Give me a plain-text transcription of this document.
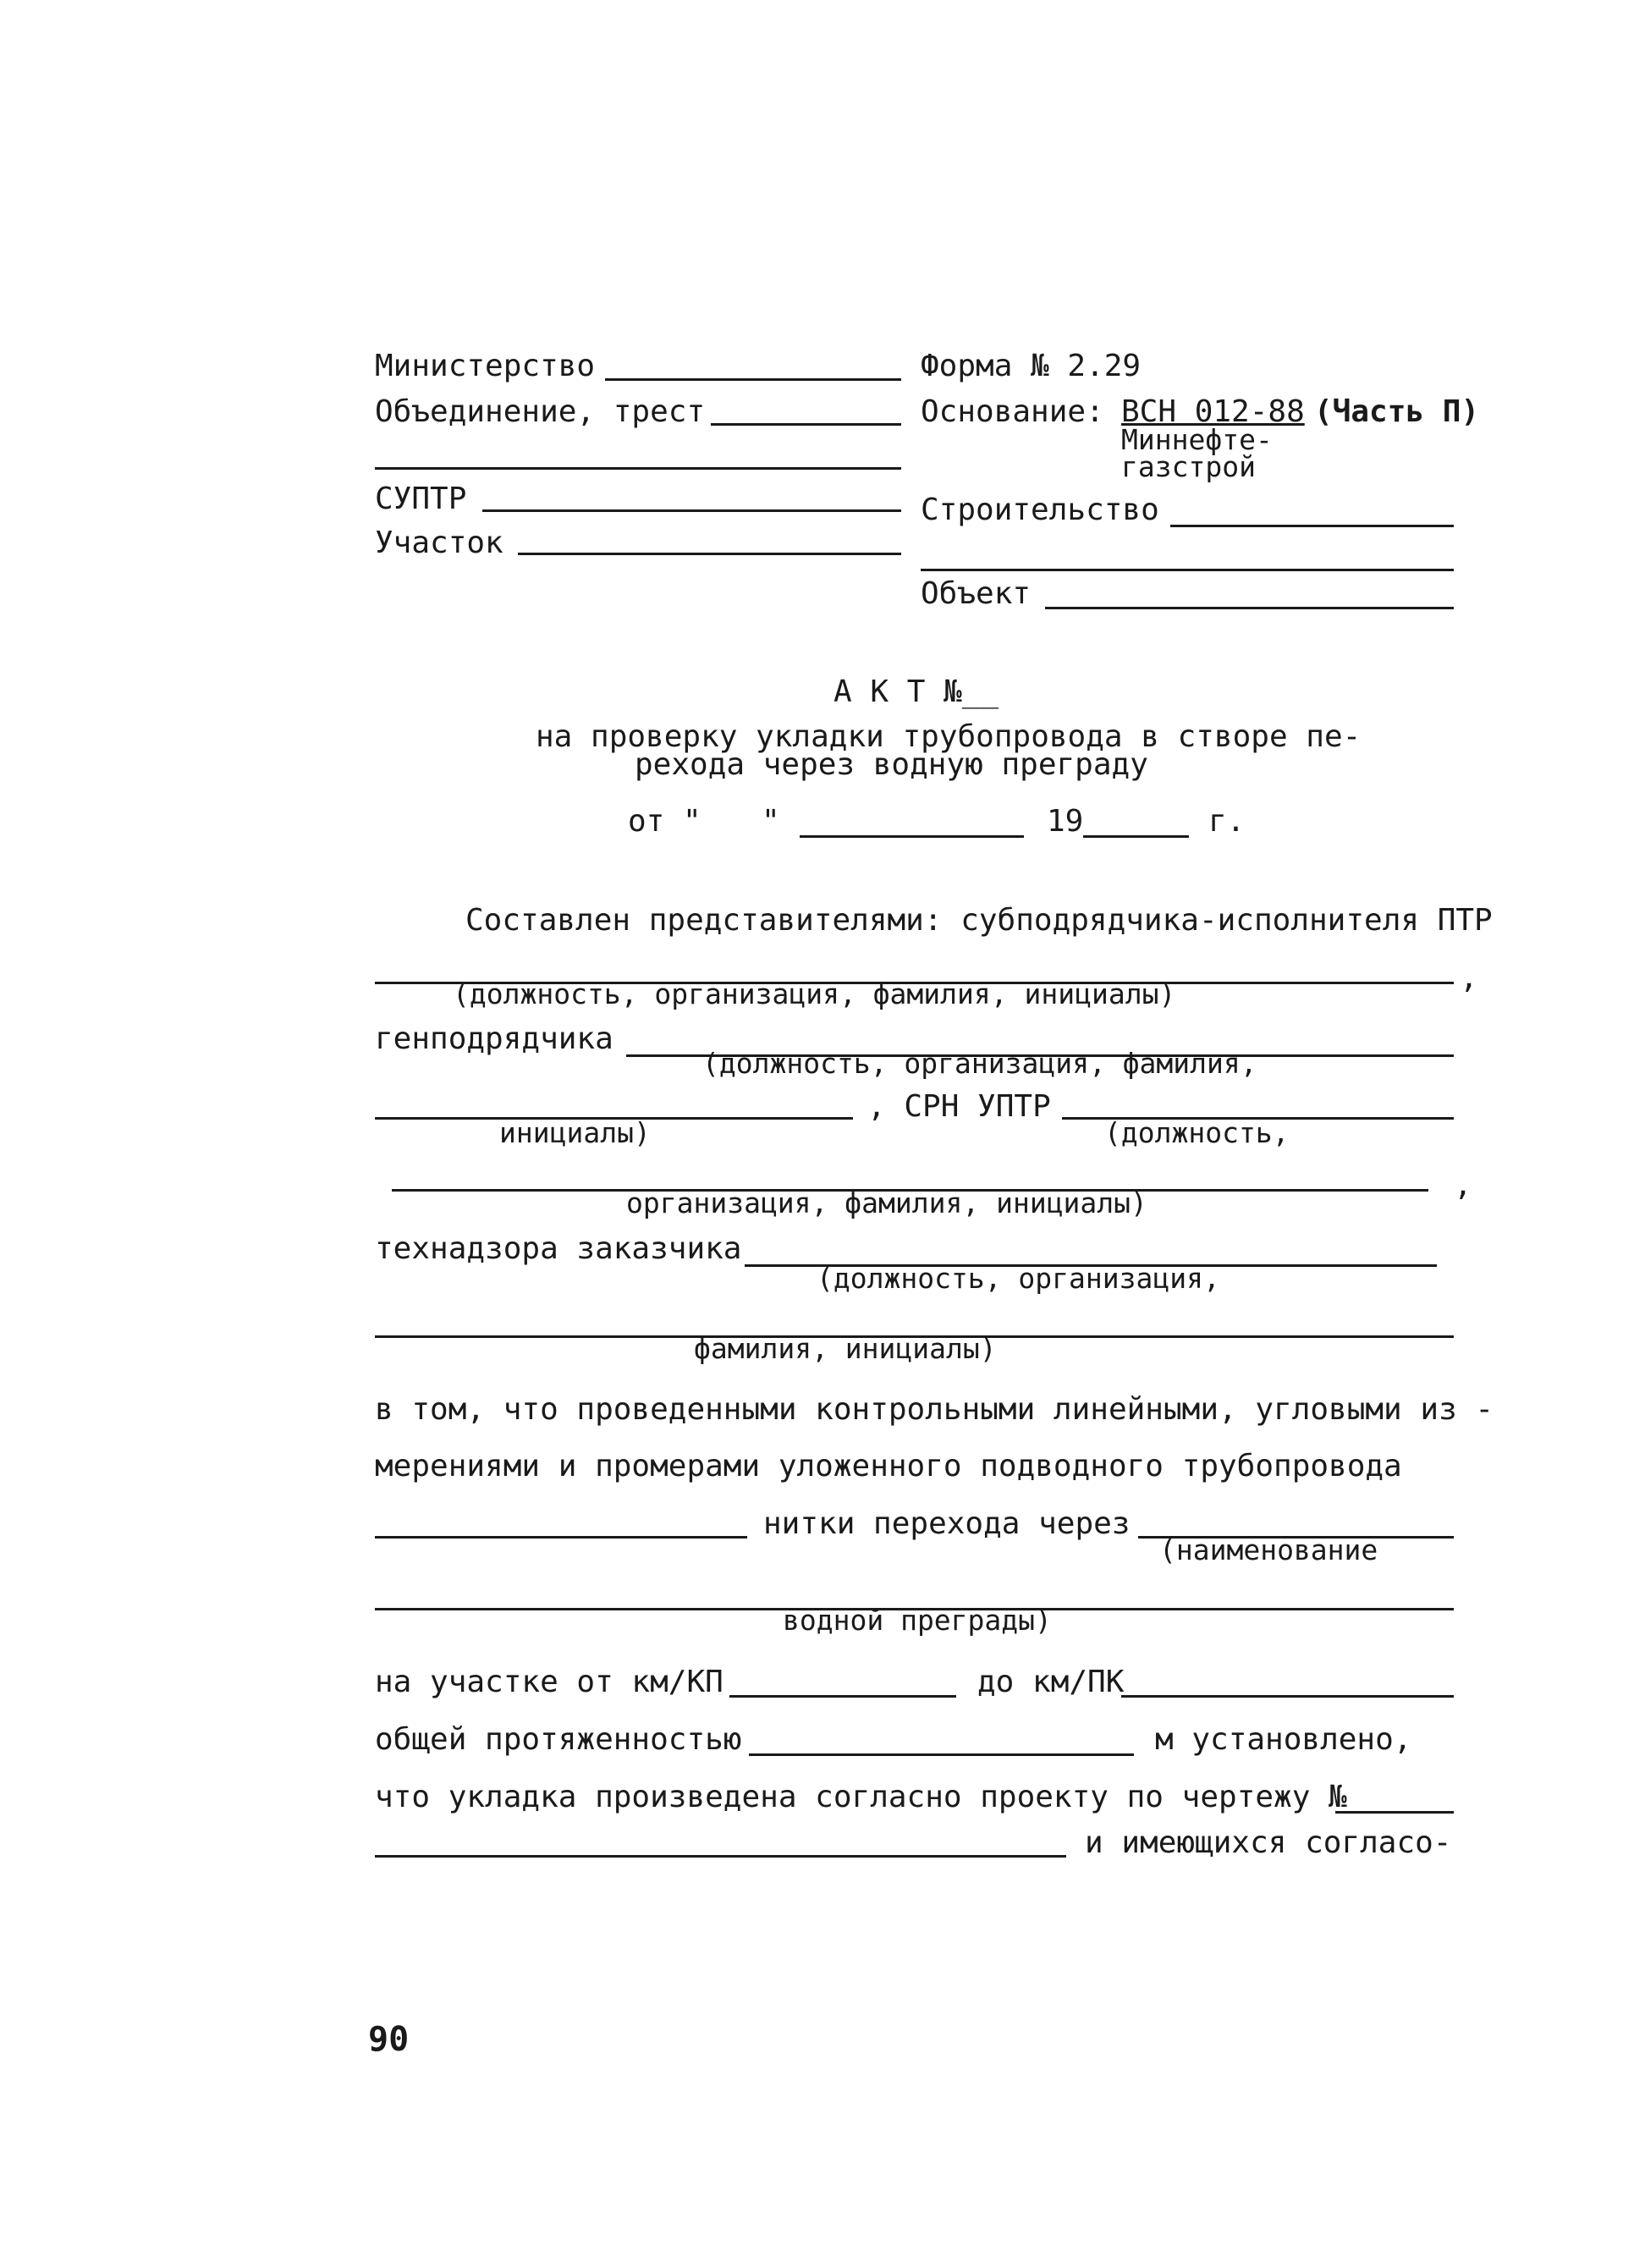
Министерство	Форма № 2.29
Объединение, трест	Основание: ВСН 012-88 (Часть П)
Миннефте-
газстрой
СУПТР	Строительство
Участок
Объект
А К Т №__
на проверку укладки трубопровода в створе пе-
рехода через водную преграду
от " "	19	г.
Составлен представителями: субподрядчика-исполнителя ПТР
,
(должность, организация, фамилия, инициалы)
генподрядчика
(должность, организация, фамилия,
, СРН УПТР
инициалы)	(должность,
,
организация, фамилия, инициалы)
технадзора заказчика
(должность, организация,
фамилия, инициалы)
в том, что проведенными контрольными линейными, угловыми из -
мерениями и промерами уложенного подводного трубопровода
нитки перехода через
(наименование
водной преграды)
на участке от км/КП	до км/ПК
общей протяженностью	м установлено,
что укладка произведена согласно проекту по чертежу №
и имеющихся согласо-
90
